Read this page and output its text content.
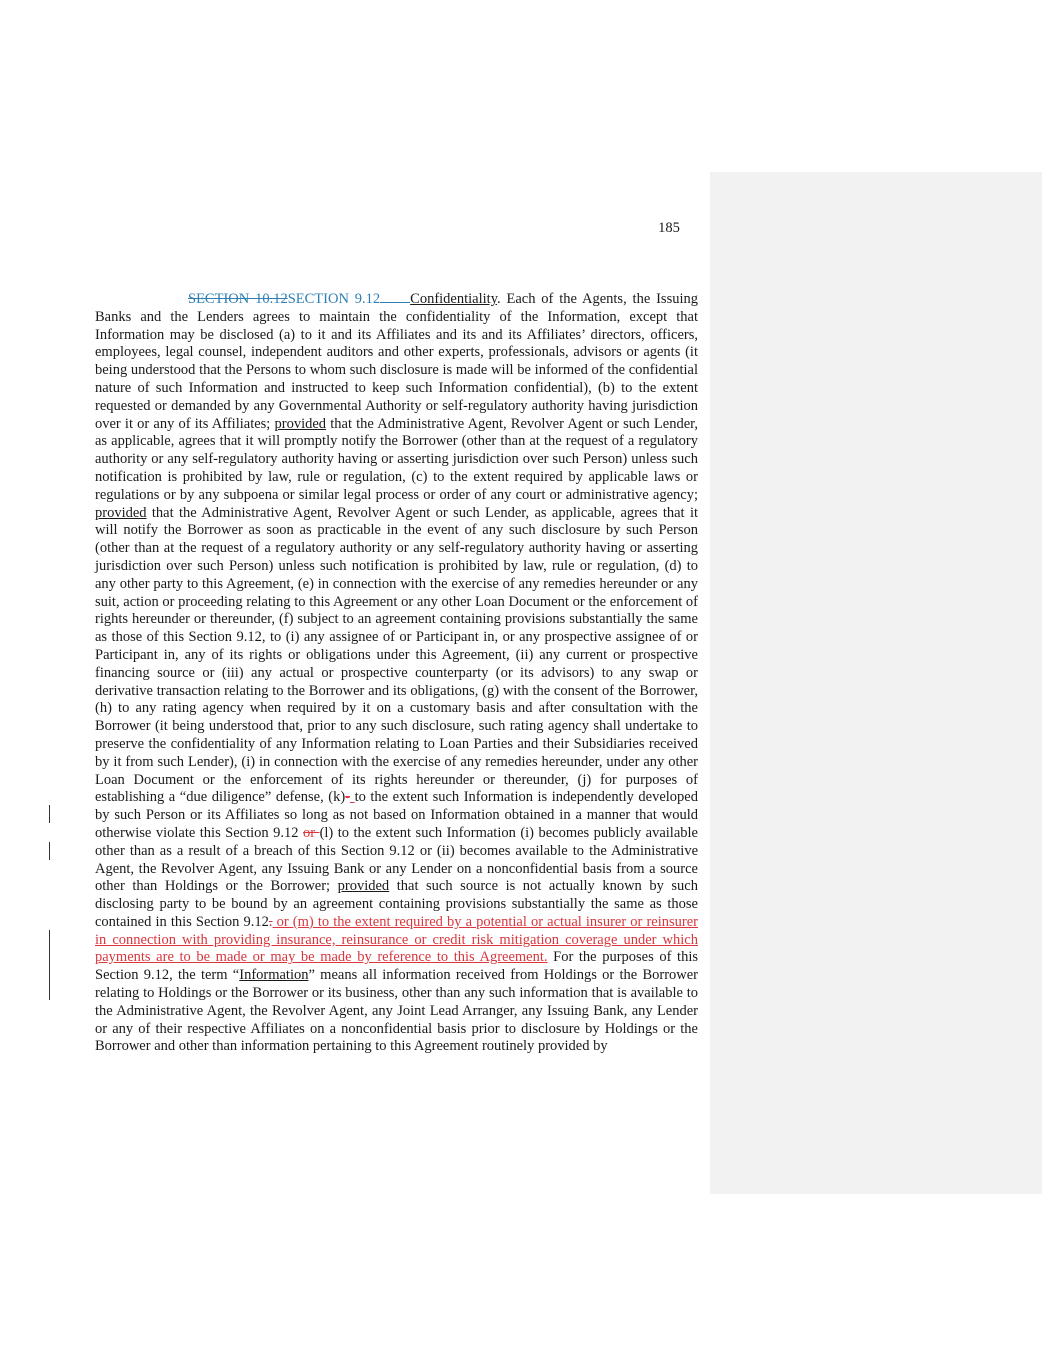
185

SECTION 10.12SECTION 9.12 Confidentiality. Each of the Agents, the Issuing Banks and the Lenders agrees to maintain the confidentiality of the Information, except that Information may be disclosed (a) to it and its Affiliates and its and its Affiliates’ directors, officers, employees, legal counsel, independent auditors and other experts, professionals, advisors or agents (it being understood that the Persons to whom such disclosure is made will be informed of the confidential nature of such Information and instructed to keep such Information confidential), (b) to the extent requested or demanded by any Governmental Authority or self-regulatory authority having jurisdiction over it or any of its Affiliates; provided that the Administrative Agent, Revolver Agent or such Lender, as applicable, agrees that it will promptly notify the Borrower (other than at the request of a regulatory authority or any self-regulatory authority having or asserting jurisdiction over such Person) unless such notification is prohibited by law, rule or regulation, (c) to the extent required by applicable laws or regulations or by any subpoena or similar legal process or order of any court or administrative agency; provided that the Administrative Agent, Revolver Agent or such Lender, as applicable, agrees that it will notify the Borrower as soon as practicable in the event of any such disclosure by such Person (other than at the request of a regulatory authority or any self-regulatory authority having or asserting jurisdiction over such Person) unless such notification is prohibited by law, rule or regulation, (d) to any other party to this Agreement, (e) in connection with the exercise of any remedies hereunder or any suit, action or proceeding relating to this Agreement or any other Loan Document or the enforcement of rights hereunder or thereunder, (f) subject to an agreement containing provisions substantially the same as those of this Section 9.12, to (i) any assignee of or Participant in, or any prospective assignee of or Participant in, any of its rights or obligations under this Agreement, (ii) any current or prospective financing source or (iii) any actual or prospective counterparty (or its advisors) to any swap or derivative transaction relating to the Borrower and its obligations, (g) with the consent of the Borrower, (h) to any rating agency when required by it on a customary basis and after consultation with the Borrower (it being understood that, prior to any such disclosure, such rating agency shall undertake to preserve the confidentiality of any Information relating to Loan Parties and their Subsidiaries received by it from such Lender), (i) in connection with the exercise of any remedies hereunder, under any other Loan Document or the enforcement of its rights hereunder or thereunder, (j) for purposes of establishing a “due diligence” defense, (k)- to the extent such Information is independently developed by such Person or its Affiliates so long as not based on Information obtained in a manner that would otherwise violate this Section 9.12 or (l) to the extent such Information (i) becomes publicly available other than as a result of a breach of this Section 9.12 or (ii) becomes available to the Administrative Agent, the Revolver Agent, any Issuing Bank or any Lender on a nonconfidential basis from a source other than Holdings or the Borrower; provided that such source is not actually known by such disclosing party to be bound by an agreement containing provisions substantially the same as those contained in this Section 9.12. or (m) to the extent required by a potential or actual insurer or reinsurer in connection with providing insurance, reinsurance or credit risk mitigation coverage under which payments are to be made or may be made by reference to this Agreement. For the purposes of this Section 9.12, the term “Information” means all information received from Holdings or the Borrower relating to Holdings or the Borrower or its business, other than any such information that is available to the Administrative Agent, the Revolver Agent, any Joint Lead Arranger, any Issuing Bank, any Lender or any of their respective Affiliates on a nonconfidential basis prior to disclosure by Holdings or the Borrower and other than information pertaining to this Agreement routinely provided by
